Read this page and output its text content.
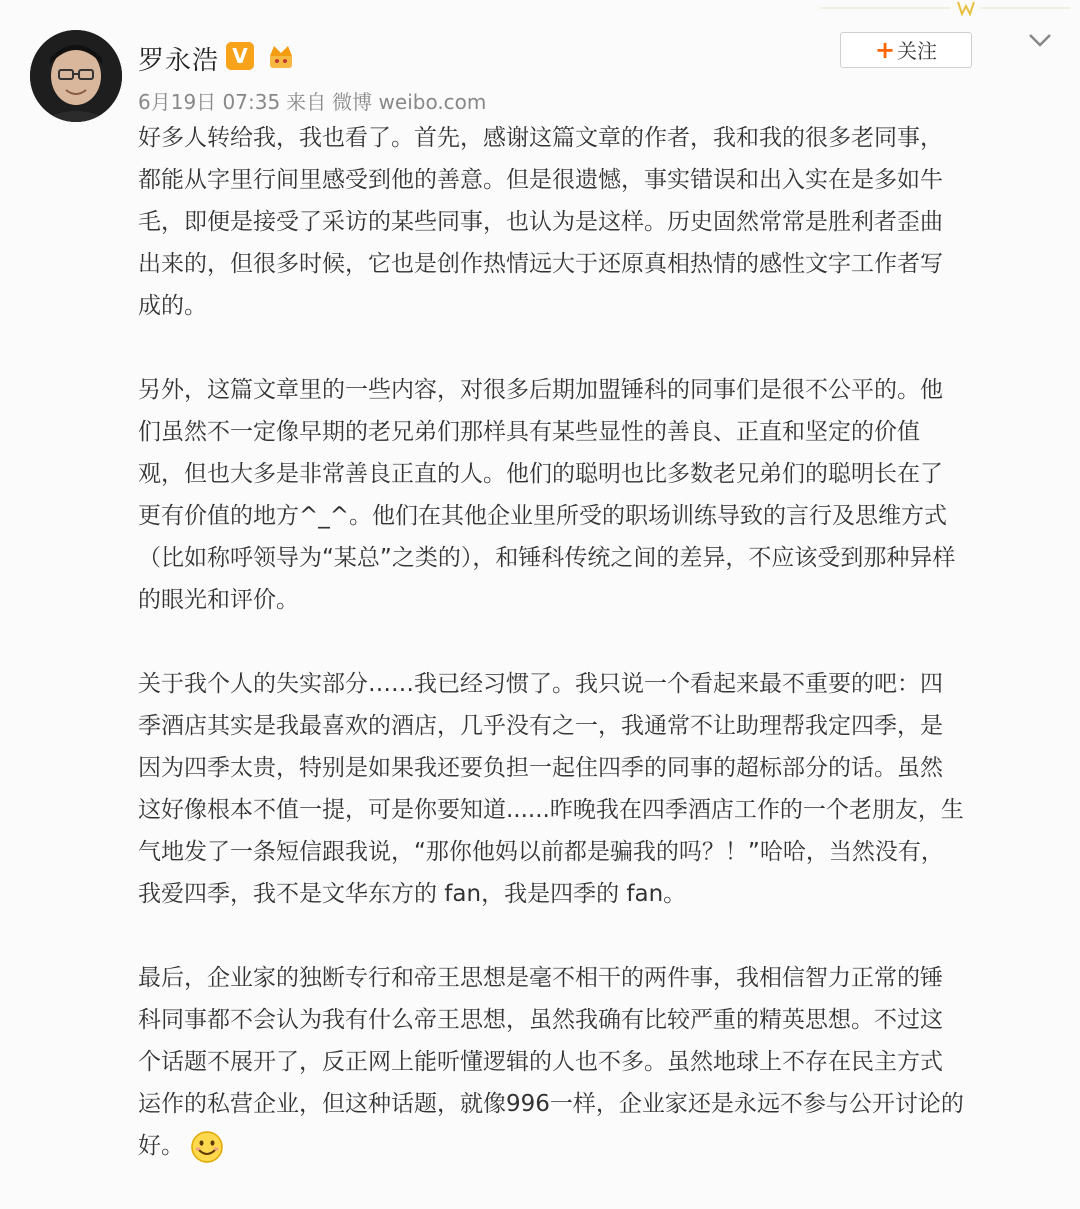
罗永浩 V
6月19日 07:35 来自 微博 weibo.com
+ 关注

好多人转给我，我也看了。首先，感谢这篇文章的作者，我和我的很多老同事，
都能从字里行间里感受到他的善意。但是很遗憾，事实错误和出入实在是多如牛
毛，即便是接受了采访的某些同事，也认为是这样。历史固然常常是胜利者歪曲
出来的，但很多时候，它也是创作热情远大于还原真相热情的感性文字工作者写
成的。

另外，这篇文章里的一些内容，对很多后期加盟锤科的同事们是很不公平的。他
们虽然不一定像早期的老兄弟们那样具有某些显性的善良、正直和坚定的价值
观，但也大多是非常善良正直的人。他们的聪明也比多数老兄弟们的聪明长在了
更有价值的地方^_^。他们在其他企业里所受的职场训练导致的言行及思维方式
（比如称呼领导为“某总”之类的），和锤科传统之间的差异，不应该受到那种异样
的眼光和评价。

关于我个人的失实部分……我已经习惯了。我只说一个看起来最不重要的吧：四
季酒店其实是我最喜欢的酒店，几乎没有之一，我通常不让助理帮我定四季，是
因为四季太贵，特别是如果我还要负担一起住四季的同事的超标部分的话。虽然
这好像根本不值一提，可是你要知道......昨晚我在四季酒店工作的一个老朋友，生
气地发了一条短信跟我说，“那你他妈以前都是骗我的吗？！”哈哈，当然没有，
我爱四季，我不是文华东方的 fan，我是四季的 fan。

最后，企业家的独断专行和帝王思想是毫不相干的两件事，我相信智力正常的锤
科同事都不会认为我有什么帝王思想，虽然我确有比较严重的精英思想。不过这
个话题不展开了，反正网上能听懂逻辑的人也不多。虽然地球上不存在民主方式
运作的私营企业，但这种话题，就像996一样，企业家还是永远不参与公开讨论的
好。
